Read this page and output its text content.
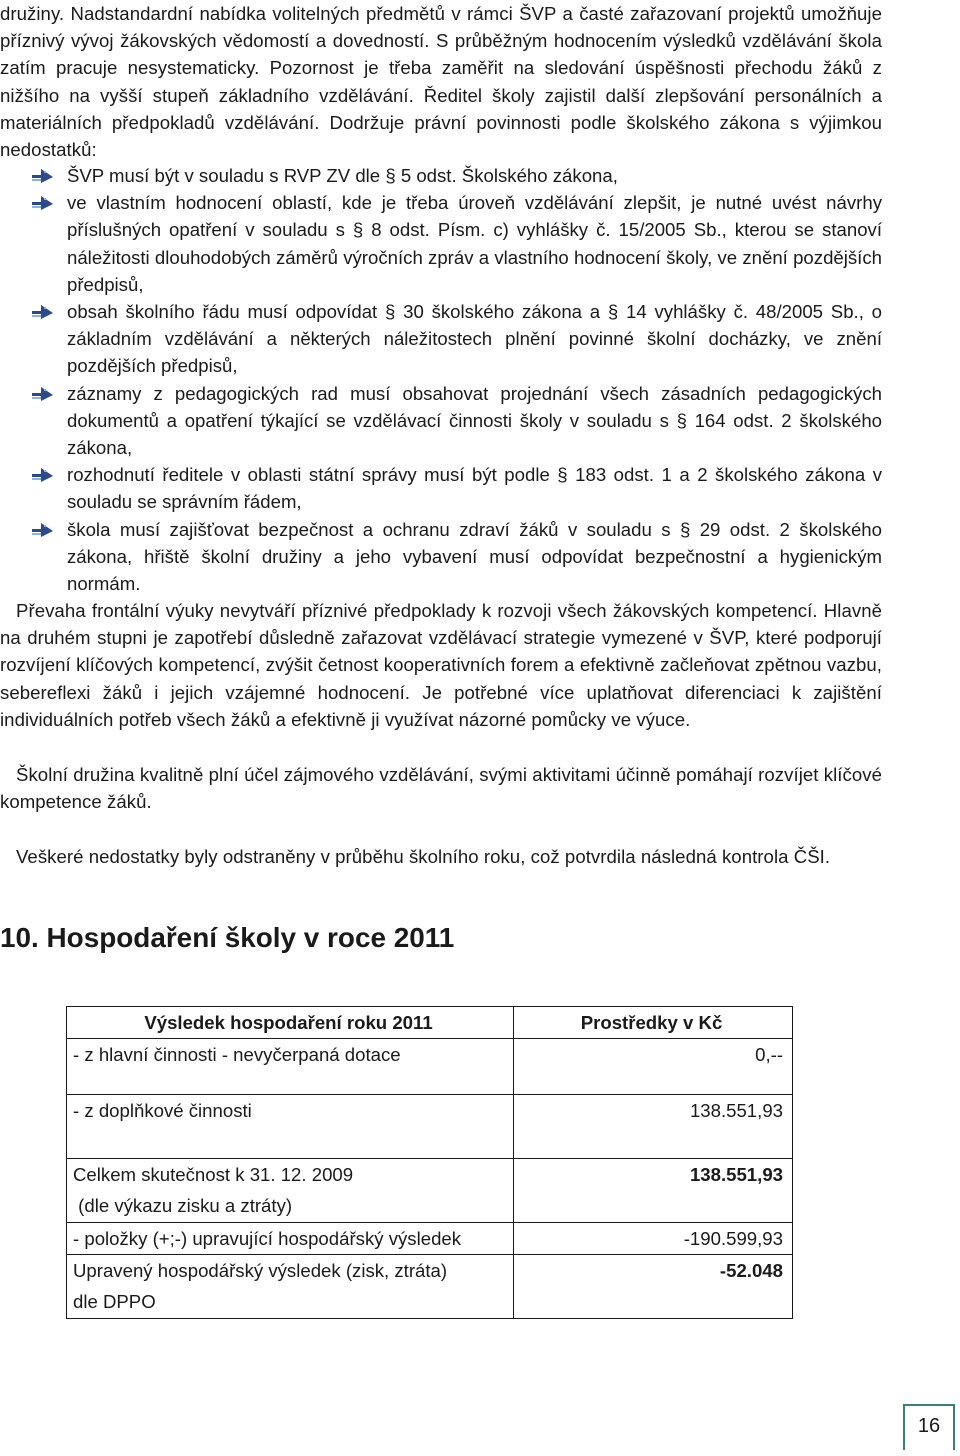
družiny. Nadstandardní nabídka volitelných předmětů v rámci ŠVP a časté zařazovaní projektů umožňuje příznivý vývoj žákovských vědomostí a dovedností. S průběžným hodnocením výsledků vzdělávání škola zatím pracuje nesystematicky. Pozornost je třeba zaměřit na sledování úspěšnosti přechodu žáků z nižšího na vyšší stupeň základního vzdělávání. Ředitel školy zajistil další zlepšování personálních a materiálních předpokladů vzdělávání. Dodržuje právní povinnosti podle školského zákona s výjimkou nedostatků:

ŠVP musí být v souladu s RVP ZV dle § 5 odst. Školského zákona,
ve vlastním hodnocení oblastí, kde je třeba úroveň vzdělávání zlepšit, je nutné uvést návrhy příslušných opatření v souladu s § 8 odst. Písm. c) vyhlášky č. 15/2005 Sb., kterou se stanoví náležitosti dlouhodobých záměrů výročních zpráv a vlastního hodnocení školy, ve znění pozdějších předpisů,
obsah školního řádu musí odpovídat § 30 školského zákona a § 14 vyhlášky č. 48/2005 Sb., o základním vzdělávání a některých náležitostech plnění povinné školní docházky, ve znění pozdějších předpisů,
záznamy z pedagogických rad musí obsahovat projednání všech zásadních pedagogických dokumentů a opatření týkající se vzdělávací činnosti školy v souladu s § 164 odst. 2 školského zákona,
rozhodnutí ředitele v oblasti státní správy musí být podle § 183 odst. 1 a 2 školského zákona v souladu se správním řádem,
škola musí zajišťovat bezpečnost a ochranu zdraví žáků v souladu s § 29 odst. 2 školského zákona, hřiště školní družiny a jeho vybavení musí odpovídat bezpečnostní a hygienickým normám.

Převaha frontální výuky nevytváří příznivé předpoklady k rozvoji všech žákovských kompetencí. Hlavně na druhém stupni je zapotřebí důsledně zařazovat vzdělávací strategie vymezené v ŠVP, které podporují rozvíjení klíčových kompetencí, zvýšit četnost kooperativních forem a efektivně začleňovat zpětnou vazbu, sebereflexi žáků i jejich vzájemné hodnocení. Je potřebné více uplatňovat diferenciaci k zajištění individuálních potřeb všech žáků a efektivně ji využívat názorné pomůcky ve výuce.

Školní družina kvalitně plní účel zájmového vzdělávání, svými aktivitami účinně pomáhají rozvíjet klíčové kompetence žáků.

Veškeré nedostatky byly odstraněny v průběhu školního roku, což potvrdila následná kontrola ČŠI.

10. Hospodaření školy v roce 2011
Výsledek hospodaření roku 2011	Prostředky v Kč
- z hlavní činnosti - nevyčerpaná dotace	0,--
- z doplňkové činnosti	138.551,93

Celkem skutečnost k 31. 12. 2009
(dle výkazu zisku a ztráty)	138.551,93
- položky (+;-) upravující hospodářský výsledek	-190.599,93

Upravený hospodářský výsledek (zisk, ztráta)
dle DPPO	-52.048
16
